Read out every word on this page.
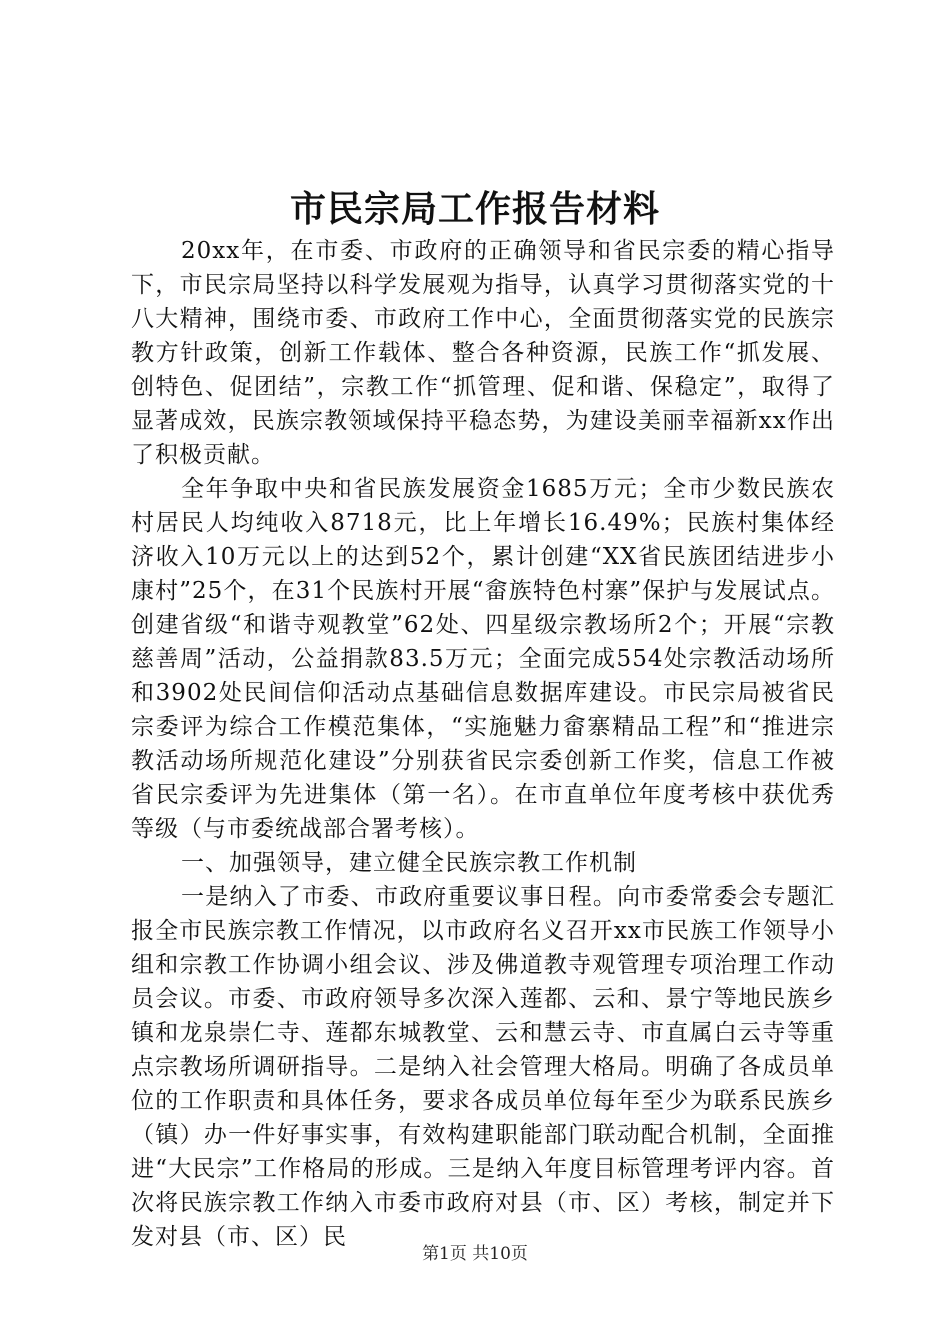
市民宗局工作报告材料

20xx年，在市委、市政府的正确领导和省民宗委的精心指导下，市民宗局坚持以科学发展观为指导，认真学习贯彻落实党的十八大精神，围绕市委、市政府工作中心，全面贯彻落实党的民族宗教方针政策，创新工作载体、整合各种资源，民族工作“抓发展、创特色、促团结”，宗教工作“抓管理、促和谐、保稳定”，取得了显著成效，民族宗教领域保持平稳态势，为建设美丽幸福新xx作出了积极贡献。

全年争取中央和省民族发展资金1685万元；全市少数民族农村居民人均纯收入8718元，比上年增长16.49%；民族村集体经济收入10万元以上的达到52个，累计创建“XX省民族团结进步小康村”25个，在31个民族村开展“畲族特色村寨”保护与发展试点。创建省级“和谐寺观教堂”62处、四星级宗教场所2个；开展“宗教慈善周”活动，公益捐款83.5万元；全面完成554处宗教活动场所和3902处民间信仰活动点基础信息数据库建设。市民宗局被省民宗委评为综合工作模范集体，“实施魅力畲寨精品工程”和“推进宗教活动场所规范化建设”分别获省民宗委创新工作奖，信息工作被省民宗委评为先进集体（第一名）。在市直单位年度考核中获优秀等级（与市委统战部合署考核）。

一、加强领导，建立健全民族宗教工作机制

一是纳入了市委、市政府重要议事日程。向市委常委会专题汇报全市民族宗教工作情况，以市政府名义召开xx市民族工作领导小组和宗教工作协调小组会议、涉及佛道教寺观管理专项治理工作动员会议。市委、市政府领导多次深入莲都、云和、景宁等地民族乡镇和龙泉崇仁寺、莲都东城教堂、云和慧云寺、市直属白云寺等重点宗教场所调研指导。二是纳入社会管理大格局。明确了各成员单位的工作职责和具体任务，要求各成员单位每年至少为联系民族乡（镇）办一件好事实事，有效构建职能部门联动配合机制，全面推进“大民宗”工作格局的形成。三是纳入年度目标管理考评内容。首次将民族宗教工作纳入市委市政府对县（市、区）考核，制定并下发对县（市、区）民

第1页 共10页
